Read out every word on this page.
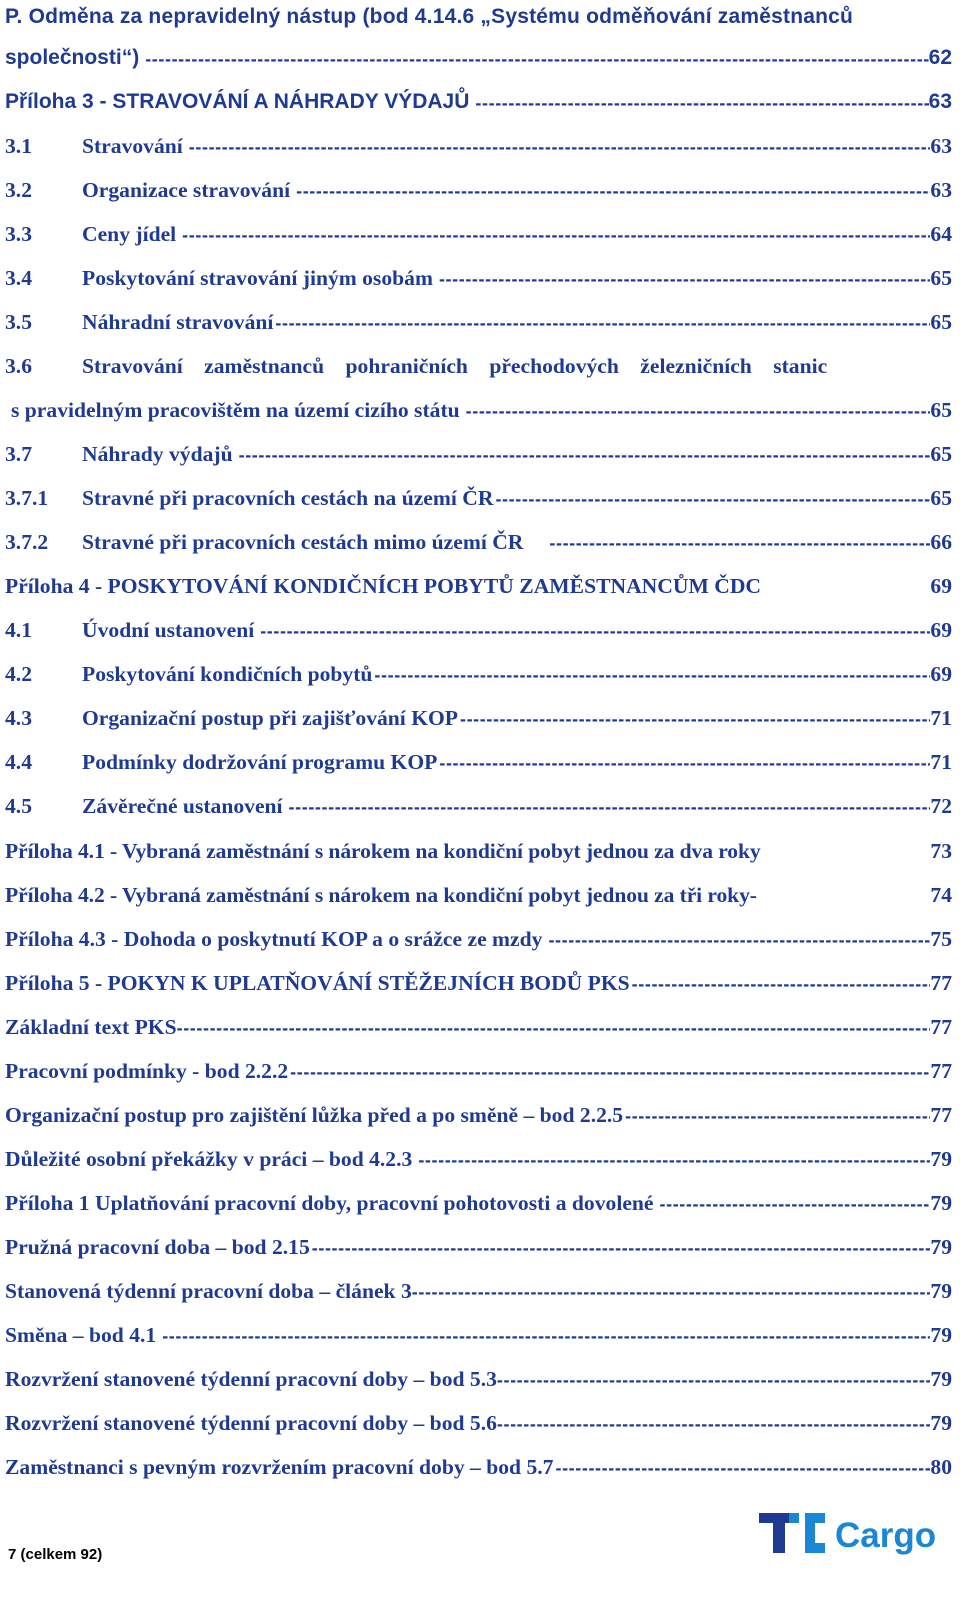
P. Odměna za nepravidelný nástup (bod 4.14.6 „Systému odměňování zaměstnanců
společnosti“) -----	62
Příloha 3 - STRAVOVÁNÍ A NÁHRADY VÝDAJŮ -----	63
3.1	Stravování -----	63
3.2	Organizace stravování -----	63
3.3	Ceny jídel -----	64
3.4	Poskytování stravování jiným osobám -----	65
3.5	Náhradní stravování -----	65
3.6	Stravování zaměstnanců pohraničních přechodových železničních stanic
s pravidelným pracovištěm na území cizího státu -----	65
3.7	Náhrady výdajů -----	65
3.7.1	Stravné při pracovních cestách na území ČR -----	65
3.7.2	Stravné při pracovních cestách mimo území ČR -----	66
Příloha 4 - POSKYTOVÁNÍ KONDIČNÍCH POBYTŮ ZAMĚSTNANCŮM ČDC	69
4.1	Úvodní ustanovení -----	69
4.2	Poskytování kondičních pobytů -----	69
4.3	Organizační postup při zajišťování KOP -----	71
4.4	Podmínky dodržování programu KOP -----	71
4.5	Závěrečné ustanovení -----	72
Příloha 4.1 - Vybraná zaměstnání s nárokem na kondiční pobyt jednou za dva roky	73
Příloha 4.2 - Vybraná zaměstnání s nárokem na kondiční pobyt jednou za tři roky-	74
Příloha 4.3 - Dohoda o poskytnutí KOP a o srážce ze mzdy -----	75
Příloha 5 - POKYN K UPLATŇOVÁNÍ STĚŽEJNÍCH BODŮ PKS -----	77
Základní text PKS -----	77
Pracovní podmínky - bod 2.2.2 -----	77
Organizační postup pro zajištění lůžka před a po směně – bod 2.2.5 -----	77
Důležité osobní překážky v práci – bod 4.2.3 -----	79
Příloha 1 Uplatňování pracovní doby, pracovní pohotovosti a dovolené -----	79
Pružná pracovní doba – bod 2.15 -----	79
Stanovená týdenní pracovní doba – článek 3 -----	79
Směna – bod 4.1 -----	79
Rozvržení stanovené týdenní pracovní doby – bod 5.3 -----	79
Rozvržení stanovené týdenní pracovní doby – bod 5.6 -----	79
Zaměstnanci s pevným rozvržením pracovní doby – bod 5.7 -----	80
7 (celkem 92)	Cargo
